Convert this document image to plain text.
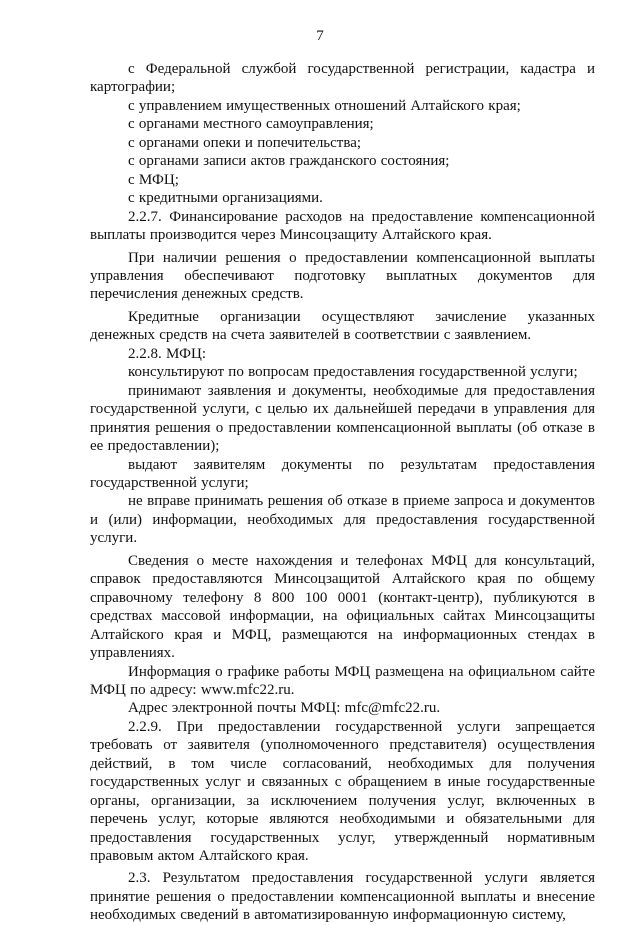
7

с Федеральной службой государственной регистрации, кадастра и картографии;

с управлением имущественных отношений Алтайского края;

с органами местного самоуправления;

с органами опеки и попечительства;

с органами записи актов гражданского состояния;

с МФЦ;

с кредитными организациями.

2.2.7. Финансирование расходов на предоставление компенсационной выплаты производится через Минсоцзащиту Алтайского края.

При наличии решения о предоставлении компенсационной выплаты управления обеспечивают подготовку выплатных документов для перечисления денежных средств.

Кредитные организации осуществляют зачисление указанных денежных средств на счета заявителей в соответствии с заявлением.

2.2.8. МФЦ:

консультируют по вопросам предоставления государственной услуги;

принимают заявления и документы, необходимые для предоставления государственной услуги, с целью их дальнейшей передачи в управления для принятия решения о предоставлении компенсационной выплаты (об отказе в ее предоставлении);

выдают заявителям документы по результатам предоставления государственной услуги;

не вправе принимать решения об отказе в приеме запроса и документов и (или) информации, необходимых для предоставления государственной услуги.

Сведения о месте нахождения и телефонах МФЦ для консультаций, справок предоставляются Минсоцзащитой Алтайского края по общему справочному телефону 8 800 100 0001 (контакт-центр), публикуются в средствах массовой информации, на официальных сайтах Минсоцзащиты Алтайского края и МФЦ, размещаются на информационных стендах в управлениях.

Информация о графике работы МФЦ размещена на официальном сайте МФЦ по адресу: www.mfc22.ru.

Адрес электронной почты МФЦ: mfc@mfc22.ru.

2.2.9. При предоставлении государственной услуги запрещается требовать от заявителя (уполномоченного представителя) осуществления действий, в том числе согласований, необходимых для получения государственных услуг и связанных с обращением в иные государственные органы, организации, за исключением получения услуг, включенных в перечень услуг, которые являются необходимыми и обязательными для предоставления государственных услуг, утвержденный нормативным правовым актом Алтайского края.

2.3. Результатом предоставления государственной услуги является принятие решения о предоставлении компенсационной выплаты и внесение необходимых сведений в автоматизированную информационную систему,
